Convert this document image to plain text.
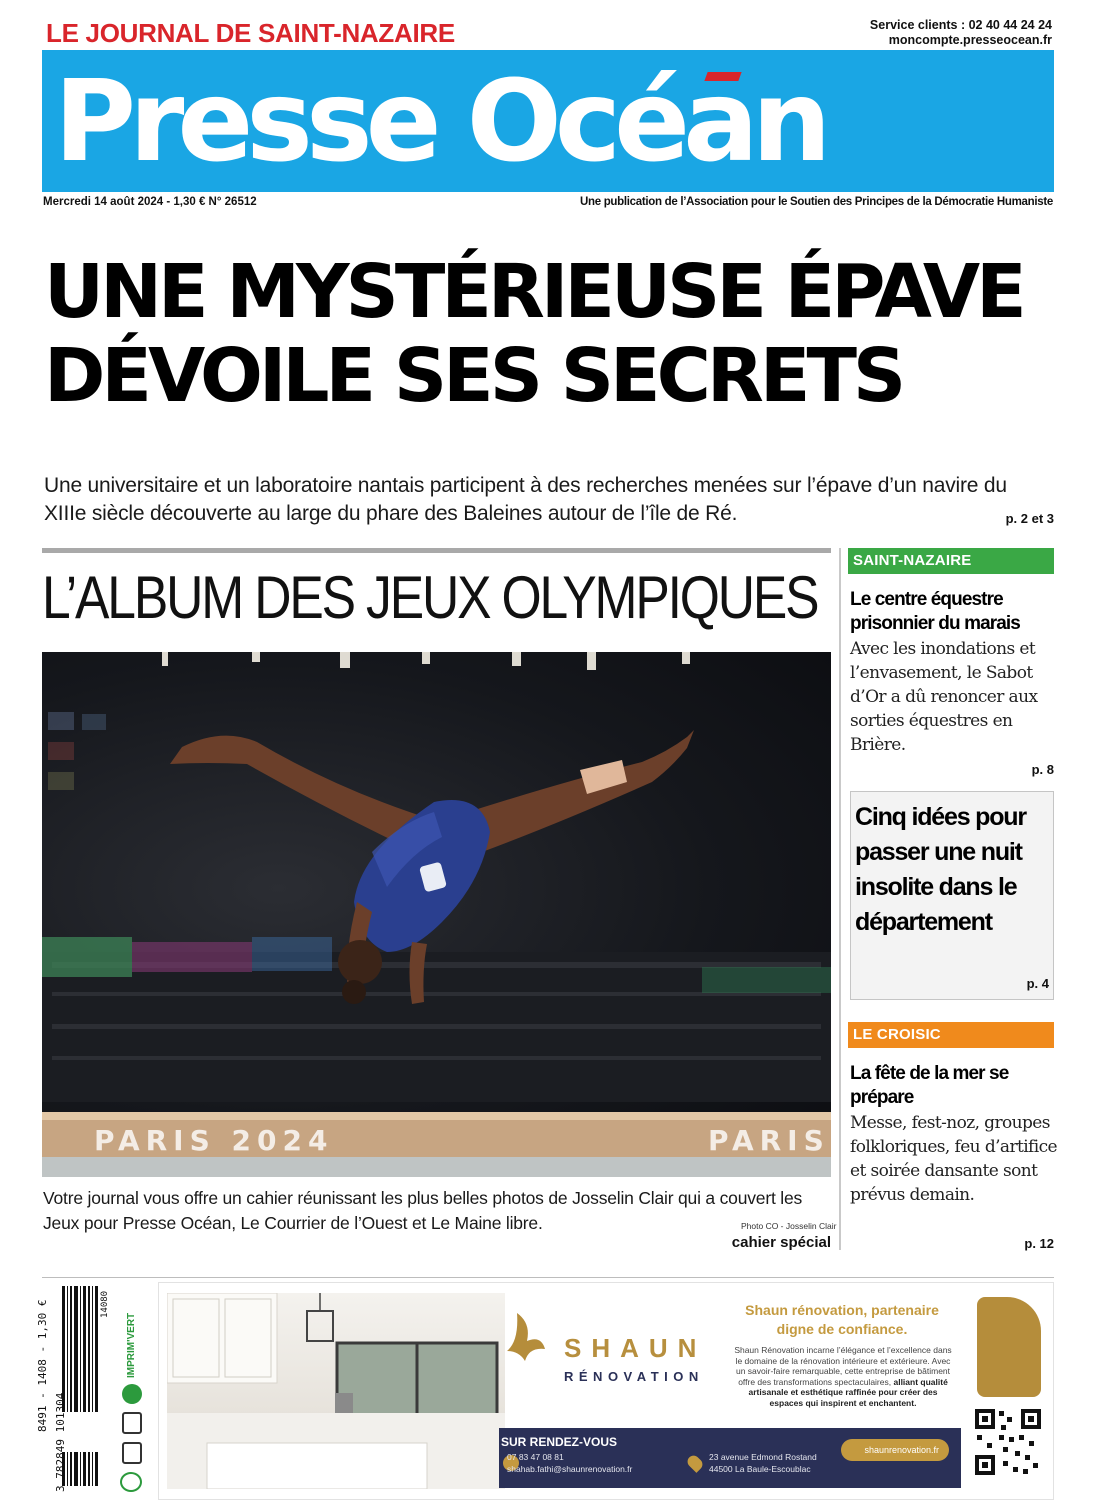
LE JOURNAL DE SAINT-NAZAIRE	Service clients : 02 40 44 24 24
moncompte.presseocean.fr
Presse Océan
Mercredi 14 août 2024 - 1,30 € N° 26512	Une publication de l’Association pour le Soutien des Principes de la Démocratie Humaniste
UNE MYSTÉRIEUSE ÉPAVE
DÉVOILE SES SECRETS
Une universitaire et un laboratoire nantais participent à des recherches menées sur l’épave d’un navire du XIIIe siècle découverte au large du phare des Baleines autour de l’île de Ré.	p. 2 et 3
L’ALBUM DES JEUX OLYMPIQUES
PARIS 2024	PARIS
Votre journal vous offre un cahier réunissant les plus belles photos de Josselin Clair qui a couvert les Jeux pour Presse Océan, Le Courrier de l’Ouest et Le Maine libre.	Photo CO - Josselin Clair
cahier spécial
SAINT-NAZAIRE
Le centre équestre prisonnier du marais
Avec les inondations et l’envasement, le Sabot d’Or a dû renoncer aux sorties équestres en Brière.
p. 8
Cinq idées pour passer une nuit insolite dans le département
p. 4
LE CROISIC
La fête de la mer se prépare
Messe, fest-noz, groupes folkloriques, feu d’artifice et soirée dansante sont prévus demain.
p. 12
8491 - 1408 - 1,30 €
3 782849 101304
14080
IMPRIM'VERT	SHAUN
RÉNOVATION
Shaun rénovation, partenaire digne de confiance.
Shaun Rénovation incarne l’élégance et l’excellence dans le domaine de la rénovation intérieure et extérieure. Avec un savoir-faire remarquable, cette entreprise de bâtiment offre des transformations spectaculaires, alliant qualité artisanale et esthétique raffinée pour créer des espaces qui inspirent et enchantent.
SUR RENDEZ-VOUS
07 83 47 08 81
shahab.fathi@shaunrenovation.fr
23 avenue Edmond Rostand
44500 La Baule-Escoublac
shaunrenovation.fr
